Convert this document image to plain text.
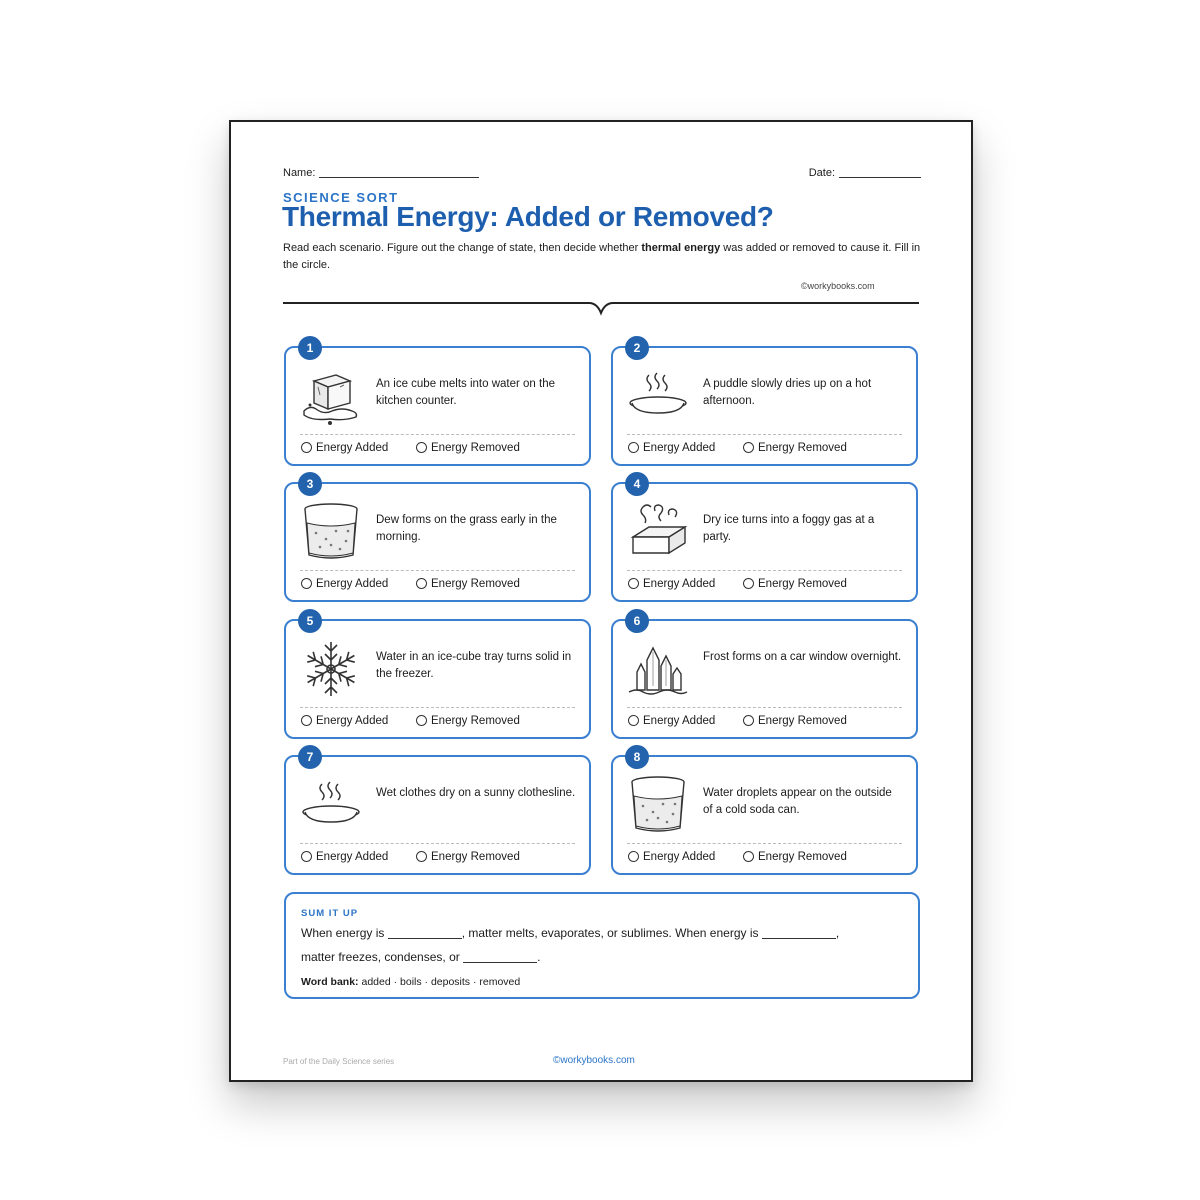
Name:	Date:
SCIENCE SORT
Thermal Energy: Added or Removed?
Read each scenario. Figure out the change of state, then decide whether thermal energy was added or removed to cause it. Fill in the circle.
©workybooks.com
1
An ice cube melts into water on the kitchen counter.
Energy Added	Energy Removed
2
A puddle slowly dries up on a hot afternoon.
Energy Added	Energy Removed
3
Dew forms on the grass early in the morning.
Energy Added	Energy Removed
4
Dry ice turns into a foggy gas at a party.
Energy Added	Energy Removed
5
Water in an ice-cube tray turns solid in the freezer.
Energy Added	Energy Removed
6
Frost forms on a car window overnight.
Energy Added	Energy Removed
7
Wet clothes dry on a sunny clothesline.
Energy Added	Energy Removed
8
Water droplets appear on the outside of a cold soda can.
Energy Added	Energy Removed
SUM IT UP
When energy is	, matter melts, evaporates, or sublimes. When energy is	,
matter freezes, condenses, or	.
Word bank: added · boils · deposits · removed
Part of the Daily Science series	©workybooks.com
